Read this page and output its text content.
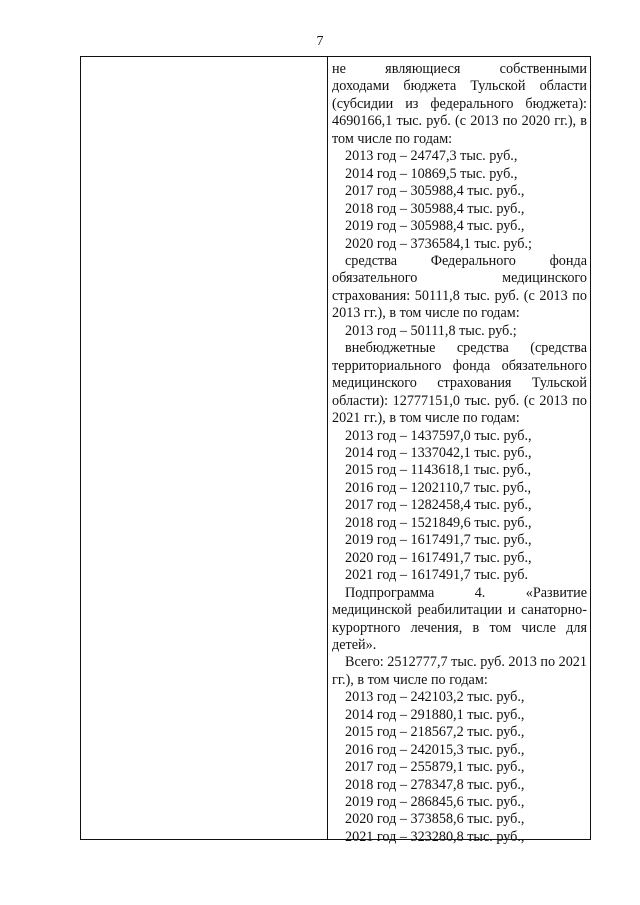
7

не являющиеся собственными

доходами бюджета Тульской области (субсидии из федерального бюджета): 4690166,1 тыс. руб. (с 2013 по 2020 гг.), в том числе по годам:

2013 год – 24747,3 тыс. руб.,

2014 год – 10869,5 тыс. руб.,

2017 год – 305988,4 тыс. руб.,

2018 год – 305988,4 тыс. руб.,

2019 год – 305988,4 тыс. руб.,

2020 год – 3736584,1 тыс. руб.;

средства Федерального фонда обязательного медицинского страхования: 50111,8 тыс. руб. (с 2013 по 2013 гг.), в том числе по годам:

2013 год – 50111,8 тыс. руб.;

внебюджетные средства (средства территориального фонда обязательного медицинского страхования Тульской области): 12777151,0 тыс. руб. (с 2013 по 2021 гг.), в том числе по годам:

2013 год – 1437597,0 тыс. руб.,

2014 год – 1337042,1 тыс. руб.,

2015 год – 1143618,1 тыс. руб.,

2016 год – 1202110,7 тыс. руб.,

2017 год – 1282458,4 тыс. руб.,

2018 год – 1521849,6 тыс. руб.,

2019 год – 1617491,7 тыс. руб.,

2020 год – 1617491,7 тыс. руб.,

2021 год – 1617491,7 тыс. руб.

Подпрограмма 4. «Развитие медицинской реабилитации и санаторно-курортного лечения, в том числе для детей».

Всего: 2512777,7 тыс. руб. 2013 по 2021 гг.), в том числе по годам:

2013 год – 242103,2 тыс. руб.,

2014 год – 291880,1 тыс. руб.,

2015 год – 218567,2 тыс. руб.,

2016 год – 242015,3 тыс. руб.,

2017 год – 255879,1 тыс. руб.,

2018 год – 278347,8 тыс. руб.,

2019 год – 286845,6 тыс. руб.,

2020 год – 373858,6 тыс. руб.,

2021 год – 323280,8 тыс. руб.,
